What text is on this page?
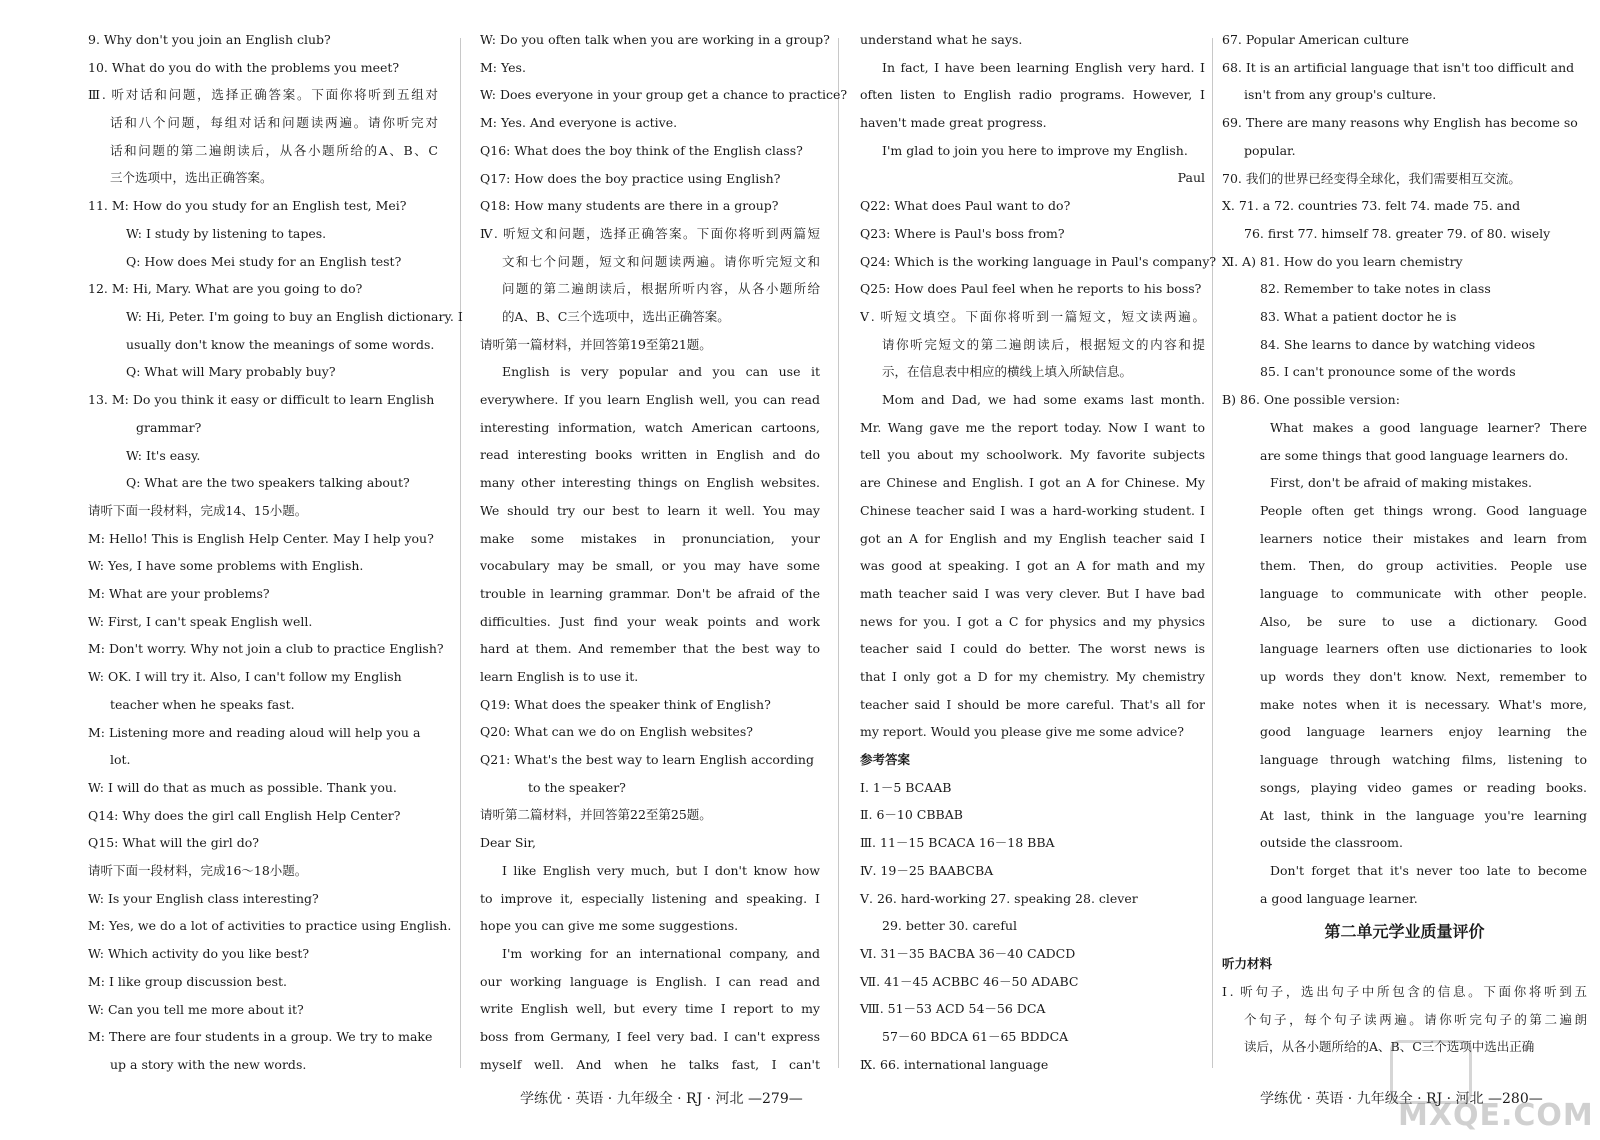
9. Why don't you join an English club?
10. What do you do with the problems you meet?
Ⅲ. 听对话和问题，选择正确答案。下面你将听到五组对
话和八个问题，每组对话和问题读两遍。请你听完对
话和问题的第二遍朗读后，从各小题所给的A、B、C
三个选项中，选出正确答案。
11. M: How do you study for an English test, Mei?
W: I study by listening to tapes.
Q: How does Mei study for an English test?
12. M: Hi, Mary. What are you going to do?
W: Hi, Peter. I'm going to buy an English dictionary. I
usually don't know the meanings of some words.
Q: What will Mary probably buy?
13. M: Do you think it easy or difficult to learn English
grammar?
W: It's easy.
Q: What are the two speakers talking about?
请听下面一段材料，完成14、15小题。
M: Hello! This is English Help Center. May I help you?
W: Yes, I have some problems with English.
M: What are your problems?
W: First, I can't speak English well.
M: Don't worry. Why not join a club to practice English?
W: OK. I will try it. Also, I can't follow my English
teacher when he speaks fast.
M: Listening more and reading aloud will help you a
lot.
W: I will do that as much as possible. Thank you.
Q14: Why does the girl call English Help Center?
Q15: What will the girl do?
请听下面一段材料，完成16～18小题。
W: Is your English class interesting?
M: Yes, we do a lot of activities to practice using English.
W: Which activity do you like best?
M: I like group discussion best.
W: Can you tell me more about it?
M: There are four students in a group. We try to make
up a story with the new words.
W: Do you often talk when you are working in a group?
M: Yes.
W: Does everyone in your group get a chance to practice?
M: Yes. And everyone is active.
Q16: What does the boy think of the English class?
Q17: How does the boy practice using English?
Q18: How many students are there in a group?
Ⅳ. 听短文和问题，选择正确答案。下面你将听到两篇短
文和七个问题，短文和问题读两遍。请你听完短文和
问题的第二遍朗读后，根据所听内容，从各小题所给
的A、B、C三个选项中，选出正确答案。
请听第一篇材料，并回答第19至第21题。
English is very popular and you can use it
everywhere. If you learn English well, you can read
interesting information, watch American cartoons,
read interesting books written in English and do
many other interesting things on English websites.
We should try our best to learn it well. You may
make some mistakes in pronunciation, your
vocabulary may be small, or you may have some
trouble in learning grammar. Don't be afraid of the
difficulties. Just find your weak points and work
hard at them. And remember that the best way to
learn English is to use it.
Q19: What does the speaker think of English?
Q20: What can we do on English websites?
Q21: What's the best way to learn English according
to the speaker?
请听第二篇材料，并回答第22至第25题。
Dear Sir,
I like English very much, but I don't know how
to improve it, especially listening and speaking. I
hope you can give me some suggestions.
I'm working for an international company, and
our working language is English. I can read and
write English well, but every time I report to my
boss from Germany, I feel very bad. I can't express
myself well. And when he talks fast, I can't
understand what he says.
In fact, I have been learning English very hard. I
often listen to English radio programs. However, I
haven't made great progress.
I'm glad to join you here to improve my English.
Paul
Q22: What does Paul want to do?
Q23: Where is Paul's boss from?
Q24: Which is the working language in Paul's company?
Q25: How does Paul feel when he reports to his boss?
Ⅴ. 听短文填空。下面你将听到一篇短文，短文读两遍。
请你听完短文的第二遍朗读后，根据短文的内容和提
示，在信息表中相应的横线上填入所缺信息。
Mom and Dad, we had some exams last month.
Mr. Wang gave me the report today. Now I want to
tell you about my schoolwork. My favorite subjects
are Chinese and English. I got an A for Chinese. My
Chinese teacher said I was a hard-working student. I
got an A for English and my English teacher said I
was good at speaking. I got an A for math and my
math teacher said I was very clever. But I have bad
news for you. I got a C for physics and my physics
teacher said I could do better. The worst news is
that I only got a D for my chemistry. My chemistry
teacher said I should be more careful. That's all for
my report. Would you please give me some advice?
参考答案
Ⅰ. 1－5 BCAAB
Ⅱ. 6－10 CBBAB
Ⅲ. 11－15 BCACA 16－18 BBA
Ⅳ. 19－25 BAABCBA
Ⅴ. 26. hard-working 27. speaking 28. clever
29. better 30. careful
Ⅵ. 31－35 BACBA 36－40 CADCD
Ⅶ. 41－45 ACBBC 46－50 ADABC
Ⅷ. 51－53 ACD 54－56 DCA
57－60 BDCA 61－65 BDDCA
Ⅸ. 66. international language
67. Popular American culture
68. It is an artificial language that isn't too difficult and
isn't from any group's culture.
69. There are many reasons why English has become so
popular.
70. 我们的世界已经变得全球化，我们需要相互交流。
Ⅹ. 71. a 72. countries 73. felt 74. made 75. and
76. first 77. himself 78. greater 79. of 80. wisely
Ⅺ. A) 81. How do you learn chemistry
82. Remember to take notes in class
83. What a patient doctor he is
84. She learns to dance by watching videos
85. I can't pronounce some of the words
B) 86. One possible version:
What makes a good language learner? There
are some things that good language learners do.
First, don't be afraid of making mistakes.
People often get things wrong. Good language
learners notice their mistakes and learn from
them. Then, do group activities. People use
language to communicate with other people.
Also, be sure to use a dictionary. Good
language learners often use dictionaries to look
up words they don't know. Next, remember to
make notes when it is necessary. What's more,
good language learners enjoy learning the
language through watching films, listening to
songs, playing video games or reading books.
At last, think in the language you're learning
outside the classroom.
Don't forget that it's never too late to become
a good language learner.
第二单元学业质量评价
听力材料
Ⅰ. 听句子，选出句子中所包含的信息。下面你将听到五
个句子，每个句子读两遍。请你听完句子的第二遍朗
读后，从各小题所给的A、B、C三个选项中选出正确
学练优 · 英语 · 九年级全 · RJ · 河北 —279—	学练优 · 英语 · 九年级全 · RJ · 河北 —280—
MXQE.COM
